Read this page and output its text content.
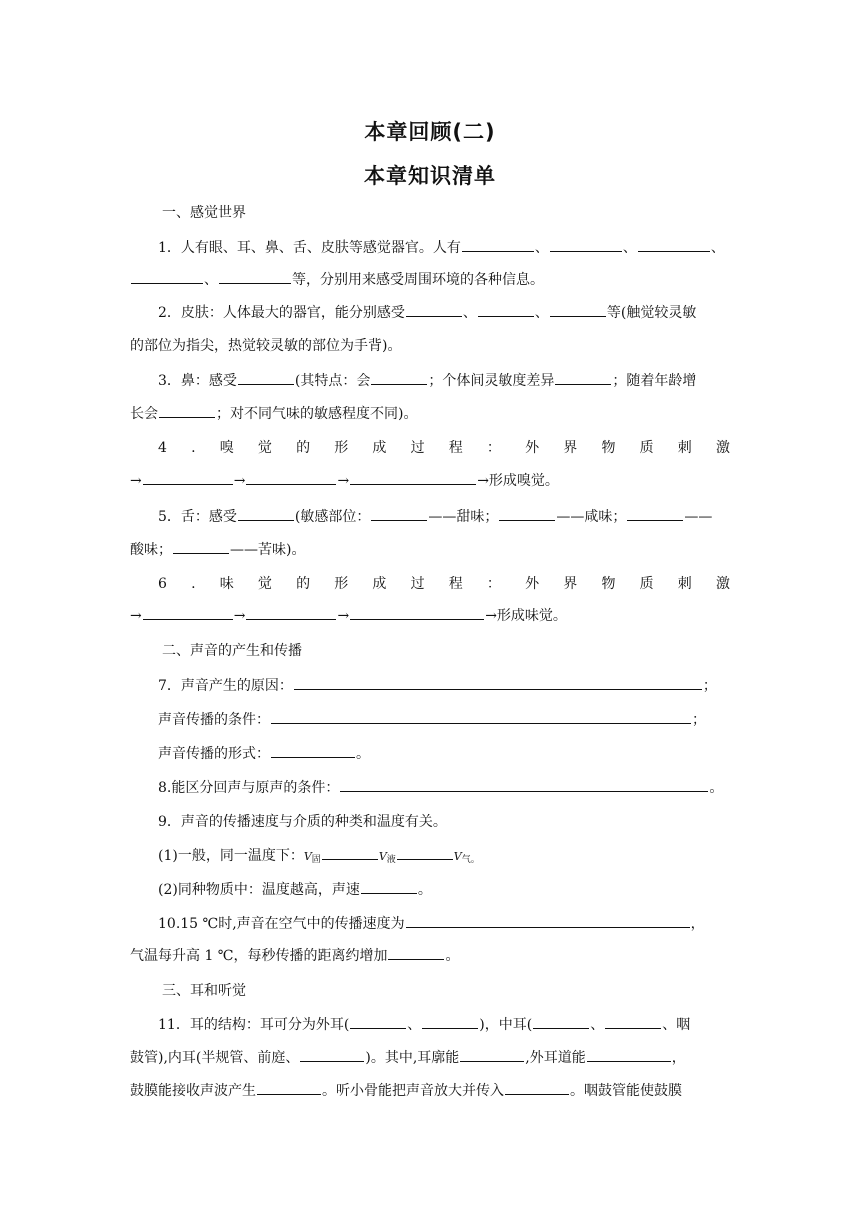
本章回顾(二)
本章知识清单
一、感觉世界
1．人有眼、耳、鼻、舌、皮肤等感觉器官。人有	、	、	、
、	等，分别用来感受周围环境的各种信息。
2．皮肤：人体最大的器官，能分别感受	、	、	等(触觉较灵敏
的部位为指尖，热觉较灵敏的部位为手背)。
3．鼻：感受	(其特点：会	；个体间灵敏度差异	；随着年龄增
长会	；对不同气味的敏感程度不同)。
4 . 嗅 觉 的 形 成 过 程 ： 外 界 物 质 刺 激
→	→	→	→形成嗅觉。
5．舌：感受	(敏感部位：	——甜味；	——咸味；	——
酸味；	——苦味)。
6 . 味 觉 的 形 成 过 程 ： 外 界 物 质 刺 激
→	→	→	→形成味觉。
二、声音的产生和传播
7．声音产生的原因：	；
声音传播的条件：	；
声音传播的形式：	。
8.能区分回声与原声的条件：	。
9．声音的传播速度与介质的种类和温度有关。
(1)一般，同一温度下：$V_固$	$V_液$	$V_{气。}$
(2)同种物质中：温度越高，声速	。
10.15 ℃时,声音在空气中的传播速度为	，
气温每升高 1 ℃，每秒传播的距离约增加	。
三、耳和听觉
11．耳的结构：耳可分为外耳(	、	)，中耳(	、	、咽
鼓管),内耳(半规管、前庭、	)。其中,耳廓能	,外耳道能	，
鼓膜能接收声波产生	。听小骨能把声音放大并传入	。咽鼓管能使鼓膜
